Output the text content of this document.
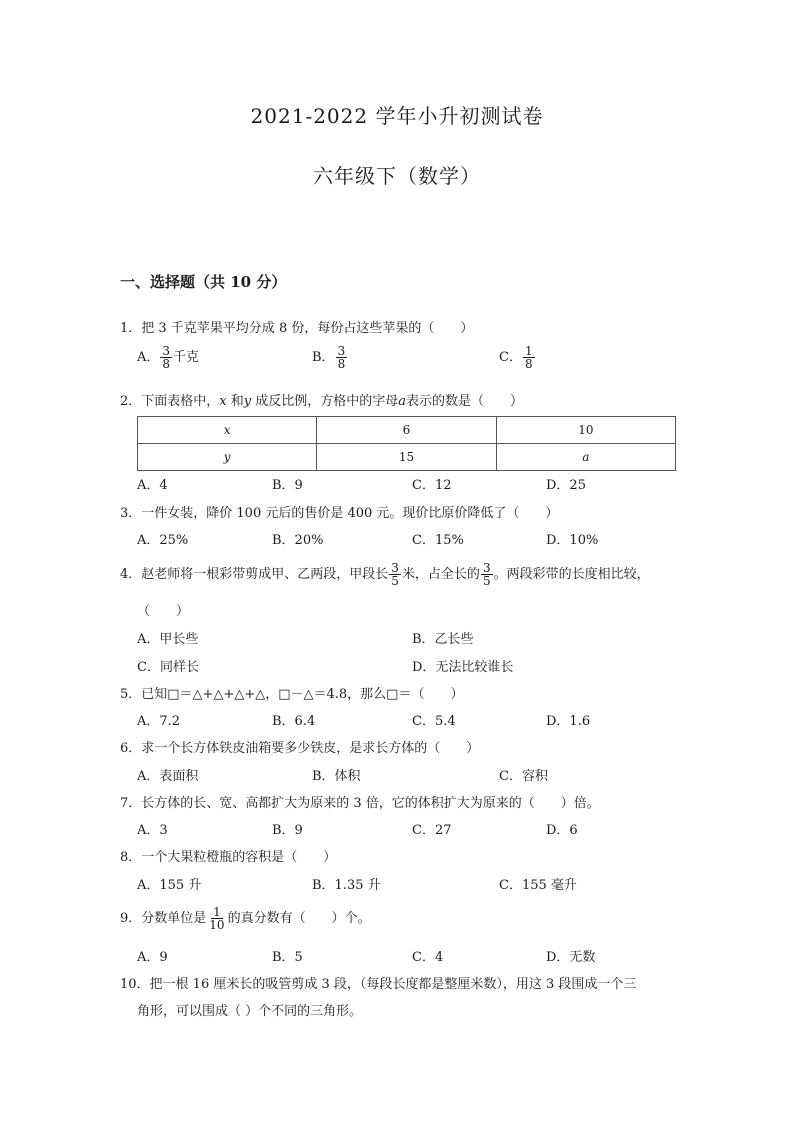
2021-2022 学年小升初测试卷
六年级下（数学）
一、选择题（共 10 分）
1．把 3 千克苹果平均分成 8 份，每份占这些苹果的（　　）
A． $\frac{3}{8}$ 千克	B． $\frac{3}{8}$	C． $\frac{1}{8}$
2．下面表格中，x 和y 成反比例，方格中的字母a表示的数是（　　）
x	6	10
y	15	a
A．4	B．9	C．12	D．25
3．一件女装，降价 100 元后的售价是 400 元。现价比原价降低了（　　）
A．25%	B．20%	C．15%	D．10%
4．赵老师将一根彩带剪成甲、乙两段，甲段长 $\frac{3}{5}$ 米，占全长的 $\frac{3}{5}$ 。两段彩带的长度相比较，
（　　）
A．甲长些	B．乙长些
C．同样长	D．无法比较谁长
5．已知□＝△+△+△+△，□－△＝4.8，那么□＝（　　）
A．7.2	B．6.4	C．5.4	D．1.6
6．求一个长方体铁皮油箱要多少铁皮，是求长方体的（　　）
A．表面积	B．体积	C．容积
7．长方体的长、宽、高都扩大为原来的 3 倍，它的体积扩大为原来的（　　）倍。
A．3	B．9	C．27	D．6
8．一个大果粒橙瓶的容积是（　　）
A．155 升	B．1.35 升	C．155 毫升
9．分数单位是 $\frac{1}{10}$ 的真分数有（　　）个。
A．9	B．5	C．4	D．无数
10．把一根 16 厘米长的吸管剪成 3 段，（每段长度都是整厘米数），用这 3 段围成一个三
角形，可以围成（ ）个不同的三角形。
